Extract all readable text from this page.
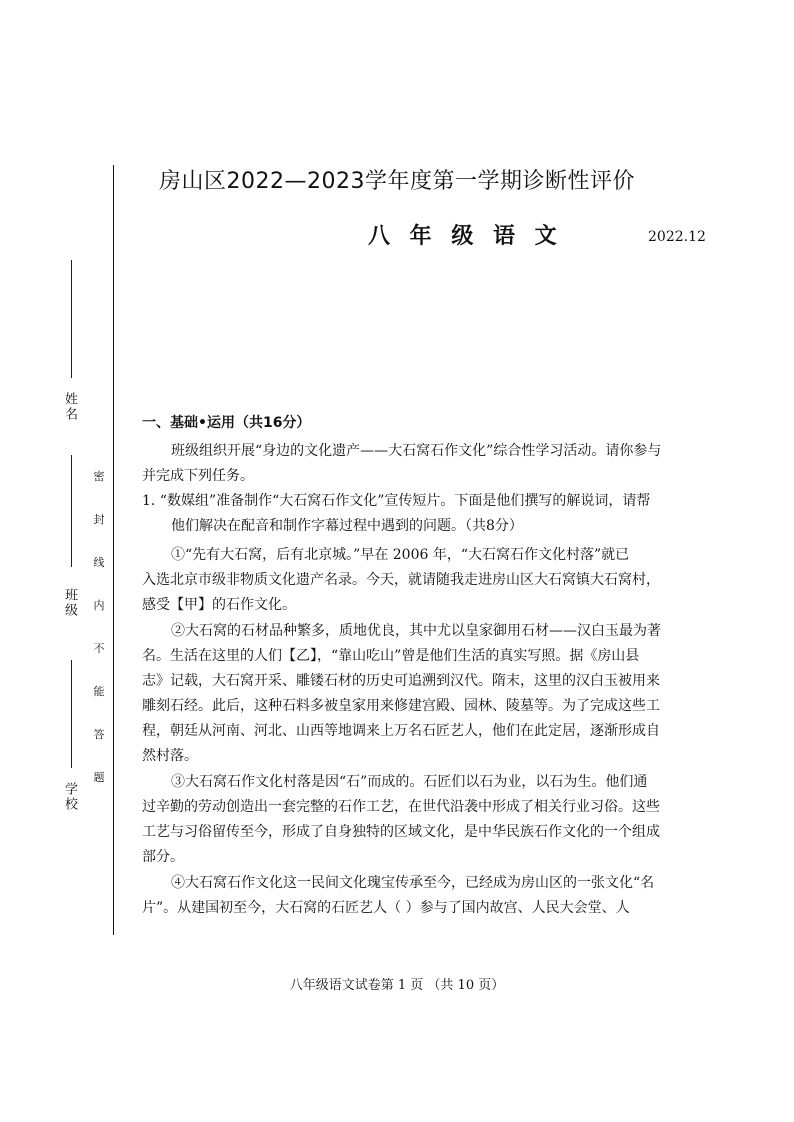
姓名
班级
学校
密
封
线
内
不
能
答
题
房山区2022—2023学年度第一学期诊断性评价
八 年 级 语 文	2022.12
一、基础•运用（共16分）
班级组织开展“身边的文化遗产——大石窝石作文化”综合性学习活动。请你参与
并完成下列任务。
1. “数媒组”准备制作“大石窝石作文化”宣传短片。下面是他们撰写的解说词，请帮
他们解决在配音和制作字幕过程中遇到的问题。（共8分）
①“先有大石窝，后有北京城。”早在 2006 年，“大石窝石作文化村落”就已
入选北京市级非物质文化遗产名录。今天，就请随我走进房山区大石窝镇大石窝村，
感受【甲】的石作文化。
②大石窝的石材品种繁多，质地优良，其中尤以皇家御用石材——汉白玉最为著
名。生活在这里的人们【乙】，“靠山吃山”曾是他们生活的真实写照。据《房山县
志》记载，大石窝开采、雕镂石材的历史可追溯到汉代。隋末，这里的汉白玉被用来
雕刻石经。此后，这种石料多被皇家用来修建宫殿、园林、陵墓等。为了完成这些工
程，朝廷从河南、河北、山西等地调来上万名石匠艺人，他们在此定居，逐渐形成自
然村落。
③大石窝石作文化村落是因“石”而成的。石匠们以石为业，以石为生。他们通
过辛勤的劳动创造出一套完整的石作工艺，在世代沿袭中形成了相关行业习俗。这些
工艺与习俗留传至今，形成了自身独特的区域文化，是中华民族石作文化的一个组成
部分。
④大石窝石作文化这一民间文化瑰宝传承至今，已经成为房山区的一张文化“名
片”。从建国初至今，大石窝的石匠艺人（ ）参与了国内故宫、人民大会堂、人
八年级语文试卷第 1 页 （共 10 页）
